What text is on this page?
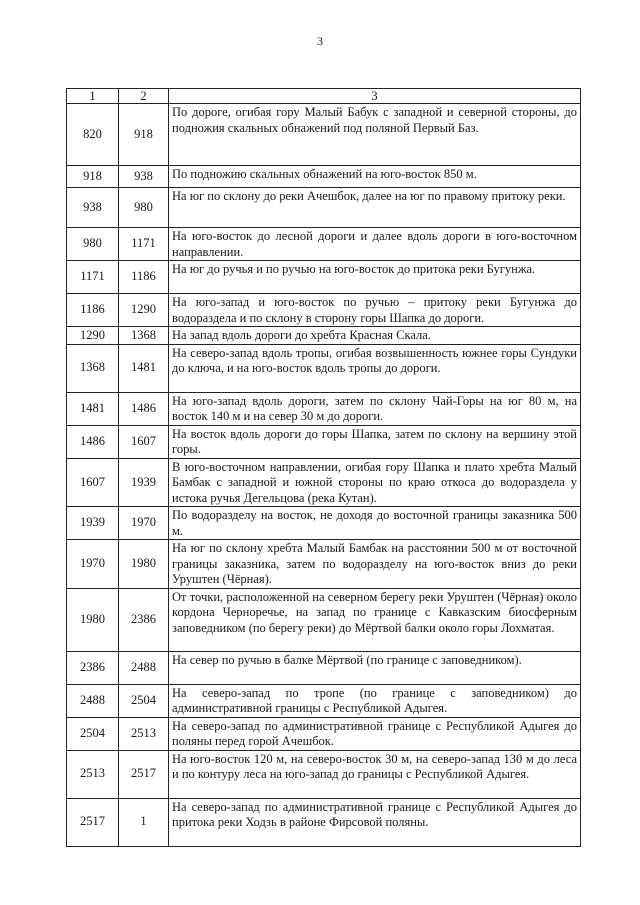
3
1	2	3
820	918	По дороге, огибая гору Малый Бабук с западной и северной стороны, до подножия скальных обнажений под поляной Первый Баз.
918	938	По подножию скальных обнажений на юго-восток 850 м.
938	980	На юг по склону до реки Ачешбок, далее на юг по правому притоку реки.
980	1171	На юго-восток до лесной дороги и далее вдоль дороги в юго-восточном направлении.
1171	1186	На юг до ручья и по ручью на юго-восток до притока реки Бугунжа.
1186	1290	На юго-запад и юго-восток по ручью – притоку реки Бугунжа до водораздела и по склону в сторону горы Шапка до дороги.
1290	1368	На запад вдоль дороги до хребта Красная Скала.
1368	1481	На северо-запад вдоль тропы, огибая возвышенность южнее горы Сундуки до ключа, и на юго-восток вдоль тропы до дороги.
1481	1486	На юго-запад вдоль дороги, затем по склону Чай-Горы на юг 80 м, на восток 140 м и на север 30 м до дороги.
1486	1607	На восток вдоль дороги до горы Шапка, затем по склону на вершину этой горы.
1607	1939	В юго-восточном направлении, огибая гору Шапка и плато хребта Малый Бамбак с западной и южной стороны по краю откоса до водораздела у истока ручья Дегельцова (река Кутан).
1939	1970	По водоразделу на восток, не доходя до восточной границы заказника 500 м.
1970	1980	На юг по склону хребта Малый Бамбак на расстоянии 500 м от восточной границы заказника, затем по водоразделу на юго-восток вниз до реки Уруштен (Чёрная).
1980	2386	От точки, расположенной на северном берегу реки Уруштен (Чёрная) около кордона Черноречье, на запад по границе с Кавказским биосферным заповедником (по берегу реки) до Мёртвой балки около горы Лохматая.
2386	2488	На север по ручью в балке Мёртвой (по границе с заповедником).
2488	2504	На северо-запад по тропе (по границе с заповедником) до административной границы с Республикой Адыгея.
2504	2513	На северо-запад по административной границе с Республикой Адыгея до поляны перед горой Ачешбок.
2513	2517	На юго-восток 120 м, на северо-восток 30 м, на северо-запад 130 м до леса и по контуру леса на юго-запад до границы с Республикой Адыгея.
2517	1	На северо-запад по административной границе с Республикой Адыгея до притока реки Ходзь в районе Фирсовой поляны.
